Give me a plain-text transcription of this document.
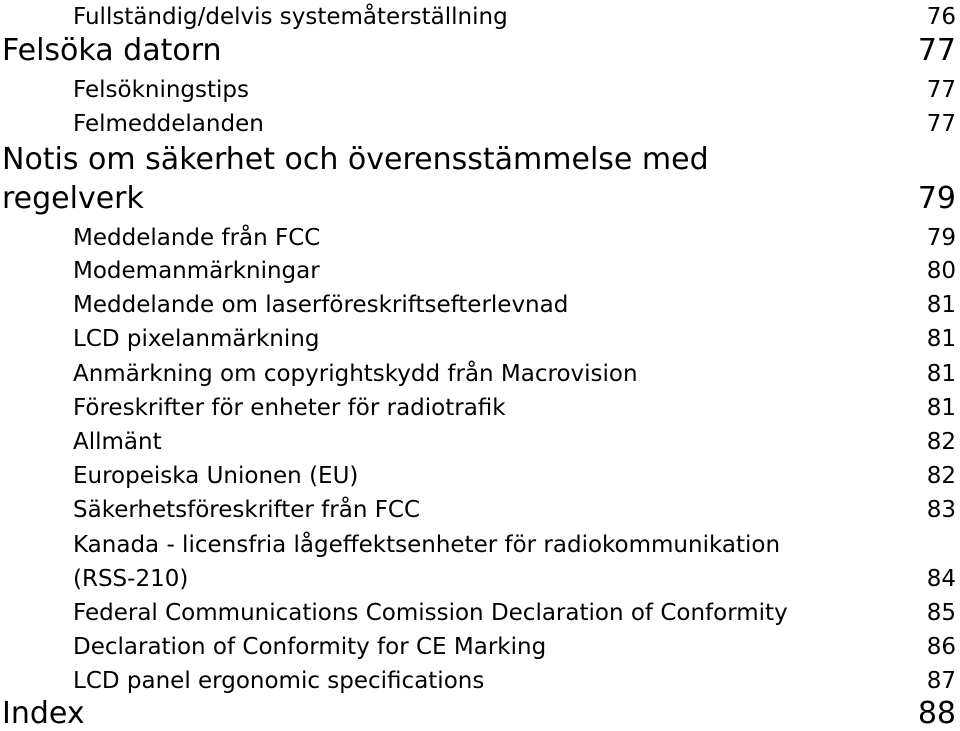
Fullständig/delvis systemåterställning	76
Felsöka datorn	77
Felsökningstips	77
Felmeddelanden	77
Notis om säkerhet och överensstämmelse med
regelverk	79
Meddelande från FCC	79
Modemanmärkningar	80
Meddelande om laserföreskriftsefterlevnad	81
LCD pixelanmärkning	81
Anmärkning om copyrightskydd från Macrovision	81
Föreskrifter för enheter för radiotrafik	81
Allmänt	82
Europeiska Unionen (EU)	82
Säkerhetsföreskrifter från FCC	83
Kanada - licensfria lågeffektsenheter för radiokommunikation
(RSS-210)	84
Federal Communications Comission Declaration of Conformity	85
Declaration of Conformity for CE Marking	86
LCD panel ergonomic specifications	87
Index	88
